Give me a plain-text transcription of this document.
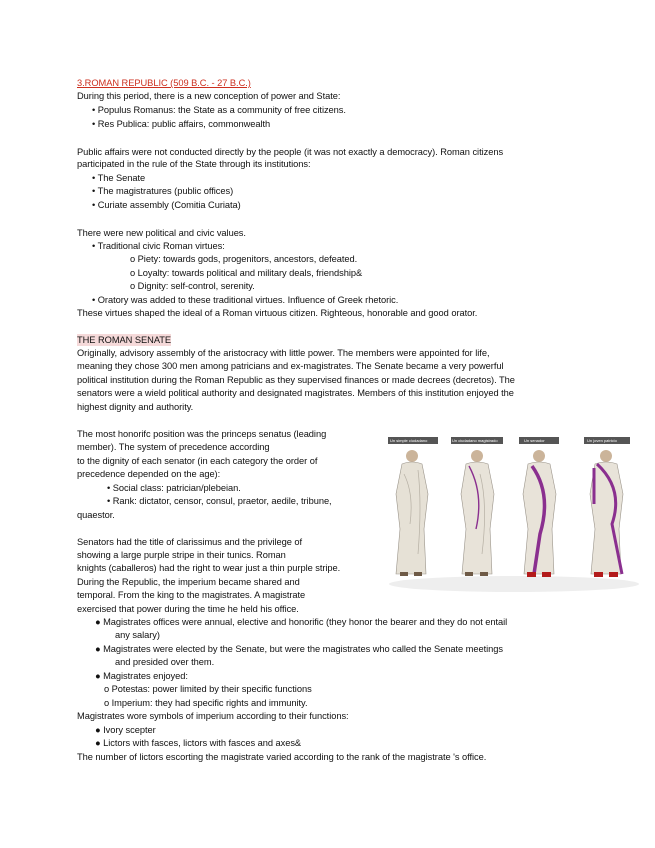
3.ROMAN REPUBLIC (509 B.C. - 27 B.C.)
During this period, there is a new conception of power and State:
• Populus Romanus: the State as a community of free citizens.
• Res Publica: public affairs, commonwealth
Public affairs were not conducted directly by the people (it was not exactly a democracy). Roman citizens
participated in the rule of the State through its institutions:
• The Senate
• The magistratures (public offices)
• Curiate assembly (Comitia Curiata)
There were new political and civic values.
• Traditional civic Roman virtues:
o Piety: towards gods, progenitors, ancestors, defeated.
o Loyalty: towards political and military deals, friendship&
o Dignity: self-control, serenity.
• Oratory was added to these traditional virtues. Influence of Greek rhetoric.
These virtues shaped the ideal of a Roman virtuous citizen. Righteous, honorable and good orator.
THE ROMAN SENATE
Originally, advisory assembly of the aristocracy with little power. The members were appointed for life,
meaning they chose 300 men among patricians and ex-magistrates. The Senate became a very powerful
political institution during the Roman Republic as they supervised finances or made decrees (decretos). The
senators were a wield political authority and designated magistrates. Members of this institution enjoyed the
highest dignity and authority.
The most honorifc position was the princeps senatus (leading
member). The system of precedence according
to the dignity of each senator (in each category the order of
precedence depended on the age):
• Social class: patrician/plebeian.
• Rank: dictator, censor, consul, praetor, aedile, tribune,
quaestor.
Senators had the title of clarissimus and the privilege of
showing a large purple stripe in their tunics. Roman
knights (caballeros) had the right to wear just a thin purple stripe.
During the Republic, the imperium became shared and
temporal. From the king to the magistrates. A magistrate
exercised that power during the time he held his office.
● Magistrates offices were annual, elective and honorific (they honor the bearer and they do not entail
any salary)
● Magistrates were elected by the Senate, but were the magistrates who called the Senate meetings
and presided over them.
● Magistrates enjoyed:
o Potestas: power limited by their specific functions
o Imperium: they had specific rights and immunity.
Magistrates wore symbols of imperium according to their functions:
● Ivory scepter
● Lictors with fasces, lictors with fasces and axes&
The number of lictors escorting the magistrate varied according to the rank of the magistrate 's office.
Un simple ciudadano	Un ciudadano magistrado	Un senador	Un joven patricio
